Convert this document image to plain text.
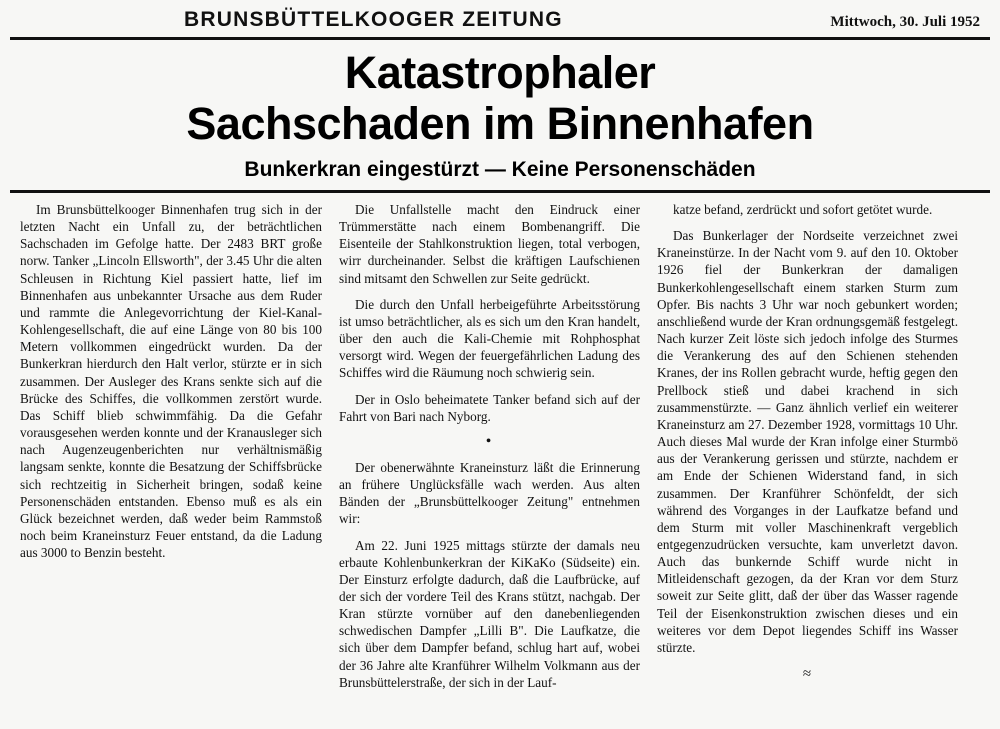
BRUNSBÜTTELKOOGER ZEITUNG	Mittwoch, 30. Juli 1952
Katastrophaler
Sachschaden im Binnenhafen
Bunkerkran eingestürzt — Keine Personenschäden

Im Brunsbüttelkooger Binnenhafen trug sich in der letzten Nacht ein Unfall zu, der beträchtlichen Sachschaden im Gefolge hatte. Der 2483 BRT große norw. Tanker „Lincoln Ellsworth", der 3.45 Uhr die alten Schleusen in Richtung Kiel passiert hatte, lief im Binnenhafen aus unbekannter Ursache aus dem Ruder und rammte die Anlegevorrichtung der Kiel-Kanal-Kohlengesellschaft, die auf eine Länge von 80 bis 100 Metern vollkommen eingedrückt wurden. Da der Bunkerkran hierdurch den Halt verlor, stürzte er in sich zusammen. Der Ausleger des Krans senkte sich auf die Brücke des Schiffes, die vollkommen zerstört wurde. Das Schiff blieb schwimmfähig. Da die Gefahr vorausgesehen werden konnte und der Kranausleger sich nach Augenzeugenberichten nur verhältnismäßig langsam senkte, konnte die Besatzung der Schiffsbrücke sich rechtzeitig in Sicherheit bringen, sodaß keine Personenschäden entstanden. Ebenso muß es als ein Glück bezeichnet werden, daß weder beim Rammstoß noch beim Kraneinsturz Feuer entstand, da die Ladung aus 3000 to Benzin besteht.

Die Unfallstelle macht den Eindruck einer Trümmerstätte nach einem Bombenangriff. Die Eisenteile der Stahlkonstruktion liegen, total verbogen, wirr durcheinander. Selbst die kräftigen Laufschienen sind mitsamt den Schwellen zur Seite gedrückt.

Die durch den Unfall herbeigeführte Arbeitsstörung ist umso beträchtlicher, als es sich um den Kran handelt, über den auch die Kali-Chemie mit Rohphosphat versorgt wird. Wegen der feuergefährlichen Ladung des Schiffes wird die Räumung noch schwierig sein.

Der in Oslo beheimatete Tanker befand sich auf der Fahrt von Bari nach Nyborg.

•

Der obenerwähnte Kraneinsturz läßt die Erinnerung an frühere Unglücksfälle wach werden. Aus alten Bänden der „Brunsbüttelkooger Zeitung" entnehmen wir:

Am 22. Juni 1925 mittags stürzte der damals neu erbaute Kohlenbunkerkran der KiKaKo (Südseite) ein. Der Einsturz erfolgte dadurch, daß die Laufbrücke, auf der sich der vordere Teil des Krans stützt, nachgab. Der Kran stürzte vornüber auf den danebenliegenden schwedischen Dampfer „Lilli B". Die Laufkatze, die sich über dem Dampfer befand, schlug hart auf, wobei der 36 Jahre alte Kranführer Wilhelm Volkmann aus der Brunsbüttelerstraße, der sich in der Lauf-

katze befand, zerdrückt und sofort getötet wurde.

Das Bunkerlager der Nordseite verzeichnet zwei Kraneinstürze. In der Nacht vom 9. auf den 10. Oktober 1926 fiel der Bunkerkran der damaligen Bunkerkohlengesellschaft einem starken Sturm zum Opfer. Bis nachts 3 Uhr war noch gebunkert worden; anschließend wurde der Kran ordnungsgemäß festgelegt. Nach kurzer Zeit löste sich jedoch infolge des Sturmes die Verankerung des auf den Schienen stehenden Kranes, der ins Rollen gebracht wurde, heftig gegen den Prellbock stieß und dabei krachend in sich zusammenstürzte. — Ganz ähnlich verlief ein weiterer Kraneinsturz am 27. Dezember 1928, vormittags 10 Uhr. Auch dieses Mal wurde der Kran infolge einer Sturmbö aus der Verankerung gerissen und stürzte, nachdem er am Ende der Schienen Widerstand fand, in sich zusammen. Der Kranführer Schönfeldt, der sich während des Vorganges in der Laufkatze befand und dem Sturm mit voller Maschinenkraft vergeblich entgegenzudrücken versuchte, kam unverletzt davon. Auch das bunkernde Schiff wurde nicht in Mitleidenschaft gezogen, da der Kran vor dem Sturz soweit zur Seite glitt, daß der über das Wasser ragende Teil der Eisenkonstruktion zwischen dieses und ein weiteres vor dem Depot liegendes Schiff ins Wasser stürzte.

≈
